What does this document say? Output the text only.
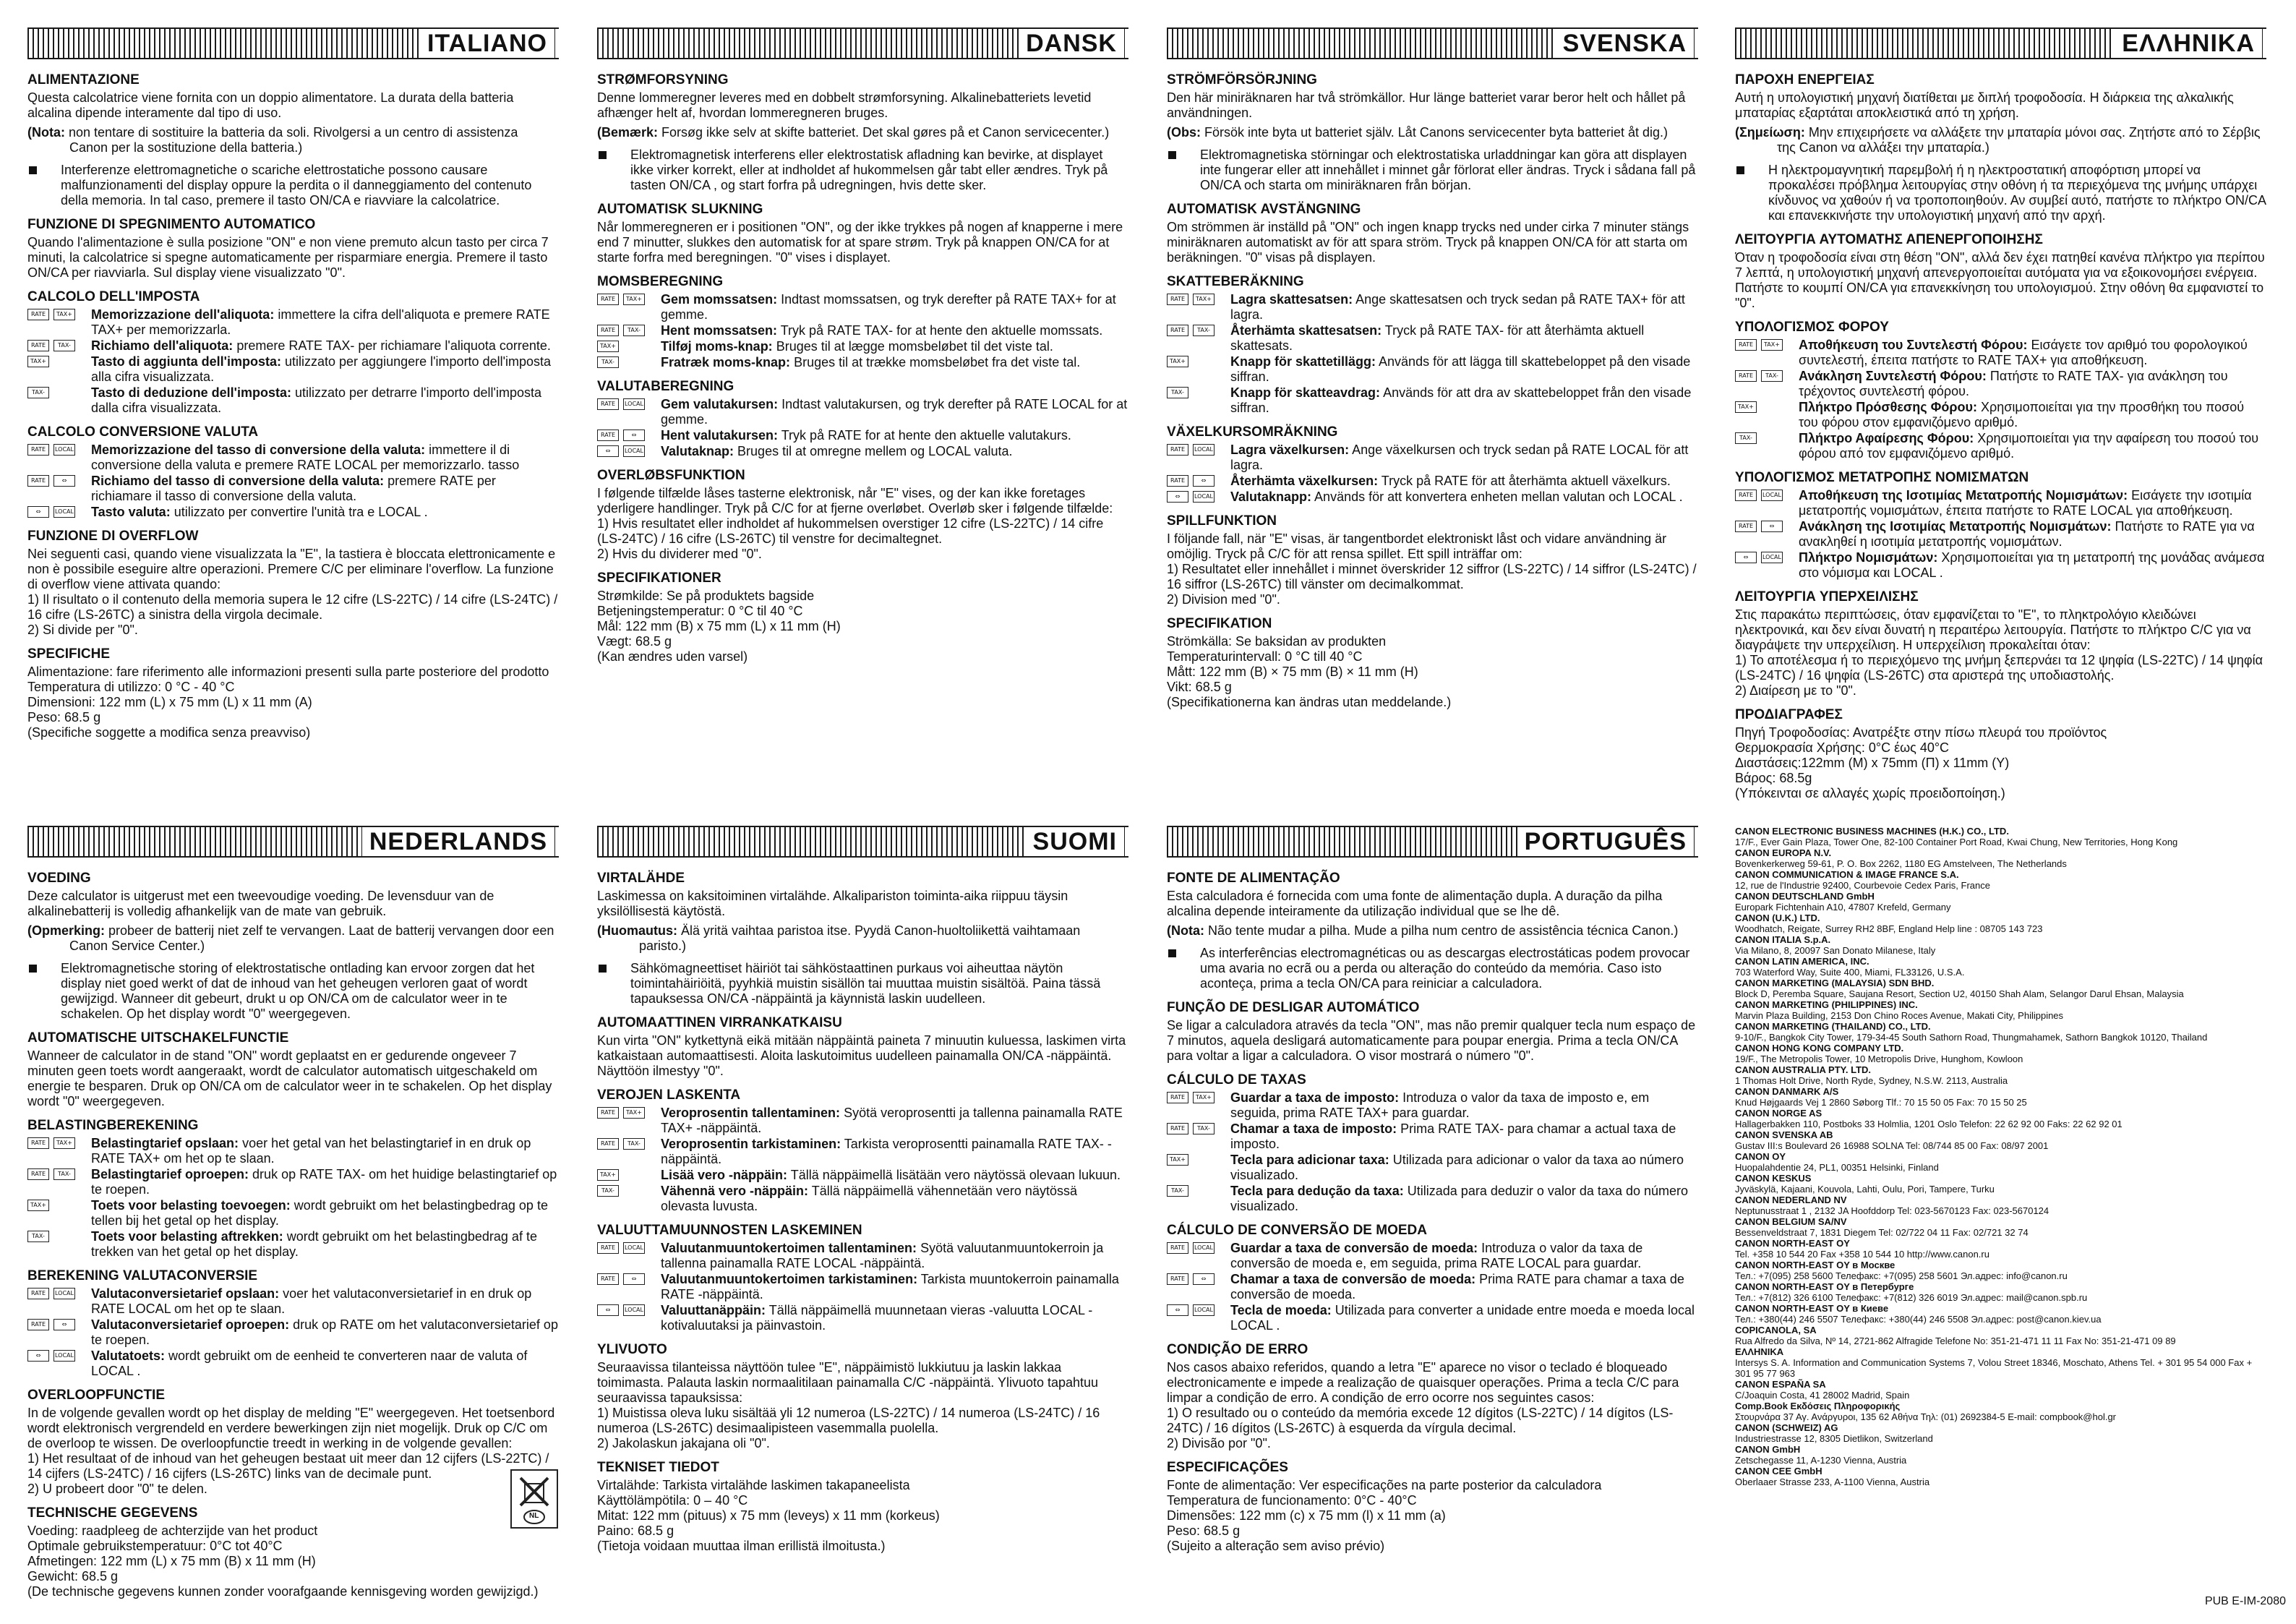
ITALIANO
ALIMENTAZIONE

Questa calcolatrice viene fornita con un doppio alimentatore. La durata della batteria alcalina dipende interamente dal tipo di uso.

(Nota: non tentare di sostituire la batteria da soli. Rivolgersi a un centro di assistenza Canon per la sostituzione della batteria.)

Interferenze elettromagnetiche o scariche elettrostatiche possono causare malfunzionamenti del display oppure la perdita o il danneggiamento del contenuto della memoria. In tal caso, premere il tasto ON/CA e riavviare la calcolatrice.

FUNZIONE DI SPEGNIMENTO AUTOMATICO

Quando l'alimentazione è sulla posizione "ON" e non viene premuto alcun tasto per circa 7 minuti, la calcolatrice si spegne automaticamente per risparmiare energia. Premere il tasto ON/CA per riavviarla. Sul display viene visualizzato "0".

CALCOLO DELL'IMPOSTA
RATE TAX+	Memorizzazione dell'aliquota: immettere la cifra dell'aliquota e premere RATE TAX+ per memorizzarla.
RATE TAX-	Richiamo dell'aliquota: premere RATE TAX- per richiamare l'aliquota corrente.
TAX+	Tasto di aggiunta dell'imposta: utilizzato per aggiungere l'importo dell'imposta alla cifra visualizzata.
TAX-	Tasto di deduzione dell'imposta: utilizzato per detrarre l'importo dell'imposta dalla cifra visualizzata.
CALCOLO CONVERSIONE VALUTA
RATE LOCAL	Memorizzazione del tasso di conversione della valuta: immettere il di conversione della valuta e premere RATE LOCAL per memorizzarlo. tasso
RATE	⇔	Richiamo del tasso di conversione della valuta: premere RATE per richiamare il tasso di conversione della valuta.
⇔ LOCAL	Tasto valuta: utilizzato per convertire l'unità tra e LOCAL .
FUNZIONE DI OVERFLOW

Nei seguenti casi, quando viene visualizzata la "E", la tastiera è bloccata elettronicamente e non è possibile eseguire altre operazioni. Premere C/C per eliminare l'overflow. La funzione di overflow viene attivata quando:

1) Il risultato o il contenuto della memoria supera le 12 cifre (LS-22TC) / 14 cifre (LS-24TC) / 16 cifre (LS-26TC) a sinistra della virgola decimale.

2) Si divide per "0".

SPECIFICHE

Alimentazione: fare riferimento alle informazioni presenti sulla parte posteriore del prodotto

Temperatura di utilizzo: 0 °C - 40 °C

Dimensioni: 122 mm (L) x 75 mm (L) x 11 mm (A)

Peso: 68.5 g

(Specifiche soggette a modifica senza preavviso)

DANSK
STRØMFORSYNING

Denne lommeregner leveres med en dobbelt strømforsyning. Alkalinebatteriets levetid afhænger helt af, hvordan lommeregneren bruges.

(Bemærk: Forsøg ikke selv at skifte batteriet. Det skal gøres på et Canon servicecenter.)

Elektromagnetisk interferens eller elektrostatisk afladning kan bevirke, at displayet ikke virker korrekt, eller at indholdet af hukommelsen går tabt eller ændres. Tryk på tasten ON/CA , og start forfra på udregningen, hvis dette sker.

AUTOMATISK SLUKNING

Når lommeregneren er i positionen "ON", og der ikke trykkes på nogen af knapperne i mere end 7 minutter, slukkes den automatisk for at spare strøm. Tryk på knappen ON/CA for at starte forfra med beregningen. "0" vises i displayet.

MOMSBEREGNING
RATE TAX+	Gem momssatsen: Indtast momssatsen, og tryk derefter på RATE TAX+ for at gemme.
RATE TAX-	Hent momssatsen: Tryk på RATE TAX- for at hente den aktuelle momssats.
TAX+	Tilføj moms-knap: Bruges til at lægge momsbeløbet til det viste tal.
TAX-	Fratræk moms-knap: Bruges til at trække momsbeløbet fra det viste tal.
VALUTABEREGNING
RATE LOCAL	Gem valutakursen: Indtast valutakursen, og tryk derefter på RATE LOCAL for at gemme.
RATE	⇔	Hent valutakursen: Tryk på RATE for at hente den aktuelle valutakurs.
⇔ LOCAL	Valutaknap: Bruges til at omregne mellem og LOCAL valuta.
OVERLØBSFUNKTION

I følgende tilfælde låses tasterne elektronisk, når "E" vises, og der kan ikke foretages yderligere handlinger. Tryk på C/C for at fjerne overløbet. Overløb sker i følgende tilfælde:

1) Hvis resultatet eller indholdet af hukommelsen overstiger 12 cifre (LS-22TC) / 14 cifre (LS-24TC) / 16 cifre (LS-26TC) til venstre for decimaltegnet.

2) Hvis du dividerer med "0".

SPECIFIKATIONER

Strømkilde: Se på produktets bagside

Betjeningstemperatur: 0 °C til 40 °C

Mål: 122 mm (B) x 75 mm (L) x 11 mm (H)

Vægt: 68.5 g

(Kan ændres uden varsel)

SVENSKA
STRÖMFÖRSÖRJNING

Den här miniräknaren har två strömkällor. Hur länge batteriet varar beror helt och hållet på användningen.

(Obs: Försök inte byta ut batteriet själv. Låt Canons servicecenter byta batteriet åt dig.)

Elektromagnetiska störningar och elektrostatiska urladdningar kan göra att displayen inte fungerar eller att innehållet i minnet går förlorat eller ändras. Tryck i sådana fall på ON/CA och starta om miniräknaren från början.

AUTOMATISK AVSTÄNGNING

Om strömmen är inställd på "ON" och ingen knapp trycks ned under cirka 7 minuter stängs miniräknaren automatiskt av för att spara ström. Tryck på knappen ON/CA för att starta om beräkningen. "0" visas på displayen.

SKATTEBERÄKNING
RATE TAX+	Lagra skattesatsen: Ange skattesatsen och tryck sedan på RATE TAX+ för att lagra.
RATE TAX-	Återhämta skattesatsen: Tryck på RATE TAX- för att återhämta aktuell skattesats.
TAX+	Knapp för skattetillägg: Används för att lägga till skattebeloppet på den visade siffran.
TAX-	Knapp för skatteavdrag: Används för att dra av skattebeloppet från den visade siffran.
VÄXELKURSOMRÄKNING
RATE LOCAL	Lagra växelkursen: Ange växelkursen och tryck sedan på RATE LOCAL för att lagra.
RATE	⇔	Återhämta växelkursen: Tryck på RATE för att återhämta aktuell växelkurs.
⇔ LOCAL	Valutaknapp: Används för att konvertera enheten mellan valutan och LOCAL .
SPILLFUNKTION

I följande fall, när "E" visas, är tangentbordet elektroniskt låst och vidare användning är omöjlig. Tryck på C/C för att rensa spillet. Ett spill inträffar om:

1) Resultatet eller innehållet i minnet överskrider 12 siffror (LS-22TC) / 14 siffror (LS-24TC) / 16 siffror (LS-26TC) till vänster om decimalkommat.

2) Division med "0".

SPECIFIKATION

Strömkälla: Se baksidan av produkten

Temperaturintervall: 0 °C till 40 °C

Mått: 122 mm (B) × 75 mm (B) × 11 mm (H)

Vikt: 68.5 g

(Specifikationerna kan ändras utan meddelande.)

ΕΛΛΗΝΙΚΑ
ΠΑΡΟΧΗ ΕΝΕΡΓΕΙΑΣ

Αυτή η υπολογιστική μηχανή διατίθεται με διπλή τροφοδοσία. Η διάρκεια της αλκαλικής μπαταρίας εξαρτάται αποκλειστικά από τη χρήση.

(Σημείωση: Μην επιχειρήσετε να αλλάξετε την μπαταρία μόνοι σας. Ζητήστε από το Σέρβις της Canon να αλλάξει την μπαταρία.)

Η ηλεκτρομαγνητική παρεμβολή ή η ηλεκτροστατική αποφόρτιση μπορεί να προκαλέσει πρόβλημα λειτουργίας στην οθόνη ή τα περιεχόμενα της μνήμης υπάρχει κίνδυνος να χαθούν ή να τροποποιηθούν. Αν συμβεί αυτό, πατήστε το πλήκτρο ON/CA και επανεκκινήστε την υπολογιστική μηχανή από την αρχή.

ΛΕΙΤΟΥΡΓΙΑ ΑΥΤΟΜΑΤΗΣ ΑΠΕΝΕΡΓΟΠΟΙΗΣΗΣ

Όταν η τροφοδοσία είναι στη θέση "ON", αλλά δεν έχει πατηθεί κανένα πλήκτρο για περίπου 7 λεπτά, η υπολογιστική μηχανή απενεργοποιείται αυτόματα για να εξοικονομήσει ενέργεια. Πατήστε το κουμπί ON/CA για επανεκκίνηση του υπολογισμού. Στην οθόνη θα εμφανιστεί το "0".

ΥΠΟΛΟΓΙΣΜΟΣ ΦΟΡΟΥ
RATE TAX+	Αποθήκευση του Συντελεστή Φόρου: Εισάγετε τον αριθμό του φορολογικού συντελεστή, έπειτα πατήστε το RATE TAX+ για αποθήκευση.
RATE TAX-	Ανάκληση Συντελεστή Φόρου: Πατήστε το RATE TAX- για ανάκληση του τρέχοντος συντελεστή φόρου.
TAX+	Πλήκτρο Πρόσθεσης Φόρου: Χρησιμοποιείται για την προσθήκη του ποσού του φόρου στον εμφανιζόμενο αριθμό.
TAX-	Πλήκτρο Αφαίρεσης Φόρου: Χρησιμοποιείται για την αφαίρεση του ποσού του φόρου από τον εμφανιζόμενο αριθμό.
ΥΠΟΛΟΓΙΣΜΟΣ ΜΕΤΑΤΡΟΠΗΣ ΝΟΜΙΣΜΑΤΩΝ
RATE LOCAL	Αποθήκευση της Ισοτιμίας Μετατροπής Νομισμάτων: Εισάγετε την ισοτιμία μετατροπής νομισμάτων, έπειτα πατήστε το RATE LOCAL για αποθήκευση.
RATE	⇔	Ανάκληση της Ισοτιμίας Μετατροπής Νομισμάτων: Πατήστε το RATE για να ανακληθεί η ισοτιμία μετατροπής νομισμάτων.
⇔ LOCAL	Πλήκτρο Νομισμάτων: Χρησιμοποιείται για τη μετατροπή της μονάδας ανάμεσα στο νόμισμα και LOCAL .
ΛΕΙΤΟΥΡΓΙΑ ΥΠΕΡΧΕΙΛΙΣΗΣ

Στις παρακάτω περιπτώσεις, όταν εμφανίζεται το "E", το πληκτρολόγιο κλειδώνει ηλεκτρονικά, και δεν είναι δυνατή η περαιτέρω λειτουργία. Πατήστε το πλήκτρο C/C για να διαγράψετε την υπερχείλιση. Η υπερχείλιση προκαλείται όταν:

1) Το αποτέλεσμα ή το περιεχόμενο της μνήμη ξεπερνάει τα 12 ψηφία (LS-22TC) / 14 ψηφία (LS-24TC) / 16 ψηφία (LS-26TC) στα αριστερά της υποδιαστολής.

2) Διαίρεση με το "0".

ΠΡΟΔΙΑΓΡΑΦΕΣ

Πηγή Τροφοδοσίας: Ανατρέξτε στην πίσω πλευρά του προϊόντος

Θερμοκρασία Χρήσης: 0°C έως 40°C

Διαστάσεις:122mm (M) x 75mm (Π) x 11mm (Y)

Βάρος: 68.5g

(Υπόκεινται σε αλλαγές χωρίς προειδοποίηση.)

NEDERLANDS
VOEDING

Deze calculator is uitgerust met een tweevoudige voeding. De levensduur van de alkalinebatterij is volledig afhankelijk van de mate van gebruik.

(Opmerking: probeer de batterij niet zelf te vervangen. Laat de batterij vervangen door een Canon Service Center.)

Elektromagnetische storing of elektrostatische ontlading kan ervoor zorgen dat het display niet goed werkt of dat de inhoud van het geheugen verloren gaat of wordt gewijzigd. Wanneer dit gebeurt, drukt u op ON/CA om de calculator weer in te schakelen. Op het display wordt "0" weergegeven.

AUTOMATISCHE UITSCHAKELFUNCTIE

Wanneer de calculator in de stand "ON" wordt geplaatst en er gedurende ongeveer 7 minuten geen toets wordt aangeraakt, wordt de calculator automatisch uitgeschakeld om energie te besparen. Druk op ON/CA om de calculator weer in te schakelen. Op het display wordt "0" weergegeven.

BELASTINGBEREKENING
RATE TAX+	Belastingtarief opslaan: voer het getal van het belastingtarief in en druk op RATE TAX+ om het op te slaan.
RATE TAX-	Belastingtarief oproepen: druk op RATE TAX- om het huidige belastingtarief op te roepen.
TAX+	Toets voor belasting toevoegen: wordt gebruikt om het belastingbedrag op te tellen bij het getal op het display.
TAX-	Toets voor belasting aftrekken: wordt gebruikt om het belastingbedrag af te trekken van het getal op het display.
BEREKENING VALUTACONVERSIE
RATE LOCAL	Valutaconversietarief opslaan: voer het valutaconversietarief in en druk op RATE LOCAL om het op te slaan.
RATE	⇔	Valutaconversietarief oproepen: druk op RATE om het valutaconversietarief op te roepen.
⇔ LOCAL	Valutatoets: wordt gebruikt om de eenheid te converteren naar de valuta of LOCAL .
OVERLOOPFUNCTIE

In de volgende gevallen wordt op het display de melding "E" weergegeven. Het toetsenbord wordt elektronisch vergrendeld en verdere bewerkingen zijn niet mogelijk. Druk op C/C om de overloop te wissen. De overloopfunctie treedt in werking in de volgende gevallen:

1) Het resultaat of de inhoud van het geheugen bestaat uit meer dan 12 cijfers (LS-22TC) / 14 cijfers (LS-24TC) / 16 cijfers (LS-26TC) links van de decimale punt.

2) U probeert door "0" te delen.

TECHNISCHE GEGEVENS

Voeding: raadpleeg de achterzijde van het product

Optimale gebruikstemperatuur: 0°C tot 40°C

Afmetingen: 122 mm (L) x 75 mm (B) x 11 mm (H)

Gewicht: 68.5 g

(De technische gegevens kunnen zonder voorafgaande kennisgeving worden gewijzigd.)

SUOMI
VIRTALÄHDE

Laskimessa on kaksitoiminen virtalähde. Alkalipariston toiminta-aika riippuu täysin yksilöllisestä käytöstä.

(Huomautus: Älä yritä vaihtaa paristoa itse. Pyydä Canon-huoltoliikettä vaihtamaan paristo.)

Sähkömagneettiset häiriöt tai sähköstaattinen purkaus voi aiheuttaa näytön toimintahäiriöitä, pyyhkiä muistin sisällön tai muuttaa muistin sisältöä. Paina tässä tapauksessa ON/CA -näppäintä ja käynnistä laskin uudelleen.

AUTOMAATTINEN VIRRANKATKAISU

Kun virta "ON" kytkettynä eikä mitään näppäintä paineta 7 minuutin kuluessa, laskimen virta katkaistaan automaattisesti. Aloita laskutoimitus uudelleen painamalla ON/CA -näppäintä. Näyttöön ilmestyy "0".

VEROJEN LASKENTA
RATE TAX+	Veroprosentin tallentaminen: Syötä veroprosentti ja tallenna painamalla RATE TAX+ -näppäintä.
RATE TAX-	Veroprosentin tarkistaminen: Tarkista veroprosentti painamalla RATE TAX- -näppäintä.
TAX+	Lisää vero -näppäin: Tällä näppäimellä lisätään vero näytössä olevaan lukuun.
TAX-	Vähennä vero -näppäin: Tällä näppäimellä vähennetään vero näytössä olevasta luvusta.
VALUUTTAMUUNNOSTEN LASKEMINEN
RATE LOCAL	Valuutanmuuntokertoimen tallentaminen: Syötä valuutanmuuntokerroin ja tallenna painamalla RATE LOCAL -näppäintä.
RATE	⇔	Valuutanmuuntokertoimen tarkistaminen: Tarkista muuntokerroin painamalla RATE -näppäintä.
⇔ LOCAL	Valuuttanäppäin: Tällä näppäimellä muunnetaan vieras -valuutta LOCAL -kotivaluutaksi ja päinvastoin.
YLIVUOTO

Seuraavissa tilanteissa näyttöön tulee "E", näppäimistö lukkiutuu ja laskin lakkaa toimimasta. Palauta laskin normaalitilaan painamalla C/C -näppäintä. Ylivuoto tapahtuu seuraavissa tapauksissa:

1) Muistissa oleva luku sisältää yli 12 numeroa (LS-22TC) / 14 numeroa (LS-24TC) / 16 numeroa (LS-26TC) desimaalipisteen vasemmalla puolella.

2) Jakolaskun jakajana oli "0".

TEKNISET TIEDOT

Virtalähde: Tarkista virtalähde laskimen takapaneelista

Käyttölämpötila: 0 – 40 °C

Mitat: 122 mm (pituus) x 75 mm (leveys) x 11 mm (korkeus)

Paino: 68.5 g

(Tietoja voidaan muuttaa ilman erillistä ilmoitusta.)

PORTUGUÊS
FONTE DE ALIMENTAÇÃO

Esta calculadora é fornecida com uma fonte de alimentação dupla. A duração da pilha alcalina depende inteiramente da utilização individual que se lhe dê.

(Nota: Não tente mudar a pilha. Mude a pilha num centro de assistência técnica Canon.)

As interferências electromagnéticas ou as descargas electrostáticas podem provocar uma avaria no ecrã ou a perda ou alteração do conteúdo da memória. Caso isto aconteça, prima a tecla ON/CA para reiniciar a calculadora.

FUNÇÃO DE DESLIGAR AUTOMÁTICO

Se ligar a calculadora através da tecla "ON", mas não premir qualquer tecla num espaço de 7 minutos, aquela desligará automaticamente para poupar energia. Prima a tecla ON/CA para voltar a ligar a calculadora. O visor mostrará o número "0".

CÁLCULO DE TAXAS
RATE TAX+	Guardar a taxa de imposto: Introduza o valor da taxa de imposto e, em seguida, prima RATE TAX+ para guardar.
RATE TAX-	Chamar a taxa de imposto: Prima RATE TAX- para chamar a actual taxa de imposto.
TAX+	Tecla para adicionar taxa: Utilizada para adicionar o valor da taxa ao número visualizado.
TAX-	Tecla para dedução da taxa: Utilizada para deduzir o valor da taxa do número visualizado.
CÁLCULO DE CONVERSÃO DE MOEDA
RATE LOCAL	Guardar a taxa de conversão de moeda: Introduza o valor da taxa de conversão de moeda e, em seguida, prima RATE LOCAL para guardar.
RATE	⇔	Chamar a taxa de conversão de moeda: Prima RATE para chamar a taxa de conversão de moeda.
⇔ LOCAL	Tecla de moeda: Utilizada para converter a unidade entre moeda e moeda local LOCAL .
CONDIÇÃO DE ERRO

Nos casos abaixo referidos, quando a letra "E" aparece no visor o teclado é bloqueado electronicamente e impede a realização de quaisquer operações. Prima a tecla C/C para limpar a condição de erro. A condição de erro ocorre nos seguintes casos:

1) O resultado ou o conteúdo da memória excede 12 dígitos (LS-22TC) / 14 dígitos (LS-24TC) / 16 dígitos (LS-26TC) à esquerda da vírgula decimal.

2) Divisão por "0".

ESPECIFICAÇÕES

Fonte de alimentação: Ver especificações na parte posterior da calculadora

Temperatura de funcionamento: 0°C - 40°C

Dimensões: 122 mm (c) x 75 mm (l) x 11 mm (a)

Peso: 68.5 g

(Sujeito a alteração sem aviso prévio)

NL
CANON ELECTRONIC BUSINESS MACHINES (H.K.) CO., LTD.
17/F., Ever Gain Plaza, Tower One, 82-100 Container Port Road, Kwai Chung, New Territories, Hong Kong
CANON EUROPA N.V.
Bovenkerkerweg 59-61, P. O. Box 2262, 1180 EG Amstelveen, The Netherlands
CANON COMMUNICATION & IMAGE FRANCE S.A.
12, rue de l'Industrie 92400, Courbevoie Cedex Paris, France
CANON DEUTSCHLAND GmbH
Europark Fichtenhain A10, 47807 Krefeld, Germany
CANON (U.K.) LTD.
Woodhatch, Reigate, Surrey RH2 8BF, England Help line : 08705 143 723
CANON ITALIA S.p.A.
Via Milano, 8, 20097 San Donato Milanese, Italy
CANON LATIN AMERICA, INC.
703 Waterford Way, Suite 400, Miami, FL33126, U.S.A.
CANON MARKETING (MALAYSIA) SDN BHD.
Block D, Peremba Square, Saujana Resort, Section U2, 40150 Shah Alam, Selangor Darul Ehsan, Malaysia
CANON MARKETING (PHILIPPINES) INC.
Marvin Plaza Building, 2153 Don Chino Roces Avenue, Makati City, Philippines
CANON MARKETING (THAILAND) CO., LTD.
9-10/F., Bangkok City Tower, 179-34-45 South Sathorn Road, Thungmahamek, Sathorn Bangkok 10120, Thailand
CANON HONG KONG COMPANY LTD.
19/F., The Metropolis Tower, 10 Metropolis Drive, Hunghom, Kowloon
CANON AUSTRALIA PTY. LTD.
1 Thomas Holt Drive, North Ryde, Sydney, N.S.W. 2113, Australia
CANON DANMARK A/S
Knud Højgaards Vej 1 2860 Søborg Tlf.: 70 15 50 05 Fax: 70 15 50 25
CANON NORGE AS
Hallagerbakken 110, Postboks 33 Holmlia, 1201 Oslo Telefon: 22 62 92 00 Faks: 22 62 92 01
CANON SVENSKA AB
Gustav III:s Boulevard 26 16988 SOLNA Tel: 08/744 85 00 Fax: 08/97 2001
CANON OY
Huopalahdentie 24, PL1, 00351 Helsinki, Finland
CANON KESKUS
Jyväskylä, Kajaani, Kouvola, Lahti, Oulu, Pori, Tampere, Turku
CANON NEDERLAND NV
Neptunusstraat 1 , 2132 JA Hoofddorp Tel: 023-5670123 Fax: 023-5670124
CANON BELGIUM SA/NV
Bessenveldstraat 7, 1831 Diegem Tel: 02/722 04 11 Fax: 02/721 32 74
CANON NORTH-EAST OY
Tel. +358 10 544 20 Fax +358 10 544 10 http://www.canon.ru
CANON NORTH-EAST OY в Москве
Тел.: +7(095) 258 5600 Телефакс: +7(095) 258 5601 Эл.адрес: info@canon.ru
CANON NORTH-EAST OY в Петербурге
Тел.: +7(812) 326 6100 Телефакс: +7(812) 326 6019 Эл.адрес: mail@canon.spb.ru
CANON NORTH-EAST OY в Киеве
Тел.: +380(44) 246 5507 Телефакс: +380(44) 246 5508 Эл.адрес: post@canon.kiev.ua
COPICANOLA, SA
Rua Alfredo da Silva, Nº 14, 2721-862 Alfragide Telefone No: 351-21-471 11 11 Fax No: 351-21-471 09 89
ΕΛΛΗΝΙΚΑ
Intersys S. A. Information and Communication Systems 7, Volou Street 18346, Moschato, Athens Tel. + 301 95 54 000 Fax + 301 95 77 963
CANON ESPAÑA SA
C/Joaquin Costa, 41 28002 Madrid, Spain
Comp.Book Εκδόσεις Πληροφορικής
Στουρνάρα 37 Αγ. Ανάργυροι, 135 62 Αθήνα Τηλ: (01) 2692384-5 E-mail: compbook@hol.gr
CANON (SCHWEIZ) AG
Industriestrasse 12, 8305 Dietlikon, Switzerland
CANON GmbH
Zetschegasse 11, A-1230 Vienna, Austria
CANON CEE GmbH
Oberlaaer Strasse 233, A-1100 Vienna, Austria
PUB E-IM-2080
